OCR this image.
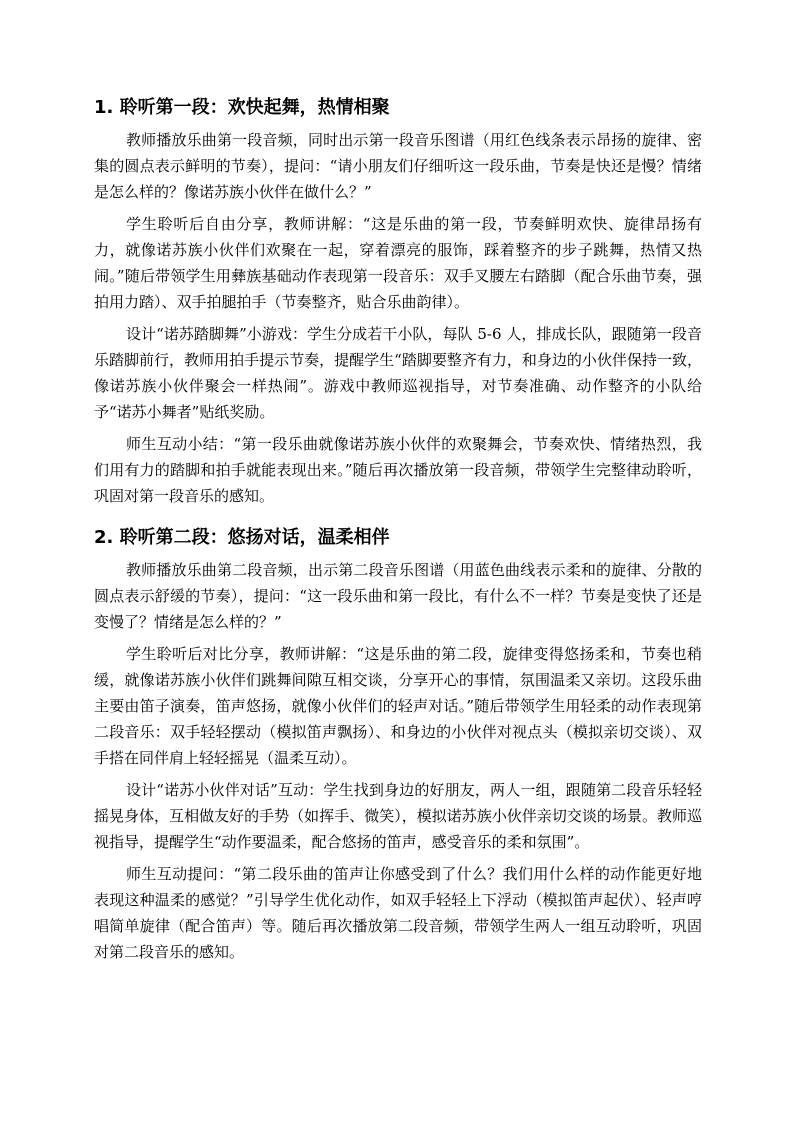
1. 聆听第一段：欢快起舞，热情相聚

教师播放乐曲第一段音频，同时出示第一段音乐图谱（用红色线条表示昂扬的旋律、密集的圆点表示鲜明的节奏），提问：“请小朋友们仔细听这一段乐曲，节奏是快还是慢？情绪是怎么样的？像诺苏族小伙伴在做什么？”

学生聆听后自由分享，教师讲解：“这是乐曲的第一段，节奏鲜明欢快、旋律昂扬有力，就像诺苏族小伙伴们欢聚在一起，穿着漂亮的服饰，踩着整齐的步子跳舞，热情又热闹。”随后带领学生用彝族基础动作表现第一段音乐：双手叉腰左右踏脚（配合乐曲节奏，强拍用力踏）、双手拍腿拍手（节奏整齐，贴合乐曲韵律）。

设计“诺苏踏脚舞”小游戏：学生分成若干小队，每队 5-6 人，排成长队，跟随第一段音乐踏脚前行，教师用拍手提示节奏，提醒学生“踏脚要整齐有力，和身边的小伙伴保持一致，像诺苏族小伙伴聚会一样热闹”。游戏中教师巡视指导，对节奏准确、动作整齐的小队给予“诺苏小舞者”贴纸奖励。

师生互动小结：“第一段乐曲就像诺苏族小伙伴的欢聚舞会，节奏欢快、情绪热烈，我们用有力的踏脚和拍手就能表现出来。”随后再次播放第一段音频，带领学生完整律动聆听，巩固对第一段音乐的感知。

2. 聆听第二段：悠扬对话，温柔相伴

教师播放乐曲第二段音频，出示第二段音乐图谱（用蓝色曲线表示柔和的旋律、分散的圆点表示舒缓的节奏），提问：“这一段乐曲和第一段比，有什么不一样？节奏是变快了还是变慢了？情绪是怎么样的？”

学生聆听后对比分享，教师讲解：“这是乐曲的第二段，旋律变得悠扬柔和，节奏也稍缓，就像诺苏族小伙伴们跳舞间隙互相交谈，分享开心的事情，氛围温柔又亲切。这段乐曲主要由笛子演奏，笛声悠扬，就像小伙伴们的轻声对话。”随后带领学生用轻柔的动作表现第二段音乐：双手轻轻摆动（模拟笛声飘扬）、和身边的小伙伴对视点头（模拟亲切交谈）、双手搭在同伴肩上轻轻摇晃（温柔互动）。

设计“诺苏小伙伴对话”互动：学生找到身边的好朋友，两人一组，跟随第二段音乐轻轻摇晃身体，互相做友好的手势（如挥手、微笑），模拟诺苏族小伙伴亲切交谈的场景。教师巡视指导，提醒学生“动作要温柔，配合悠扬的笛声，感受音乐的柔和氛围”。

师生互动提问：“第二段乐曲的笛声让你感受到了什么？我们用什么样的动作能更好地表现这种温柔的感觉？”引导学生优化动作，如双手轻轻上下浮动（模拟笛声起伏）、轻声哼唱简单旋律（配合笛声）等。随后再次播放第二段音频，带领学生两人一组互动聆听，巩固对第二段音乐的感知。
